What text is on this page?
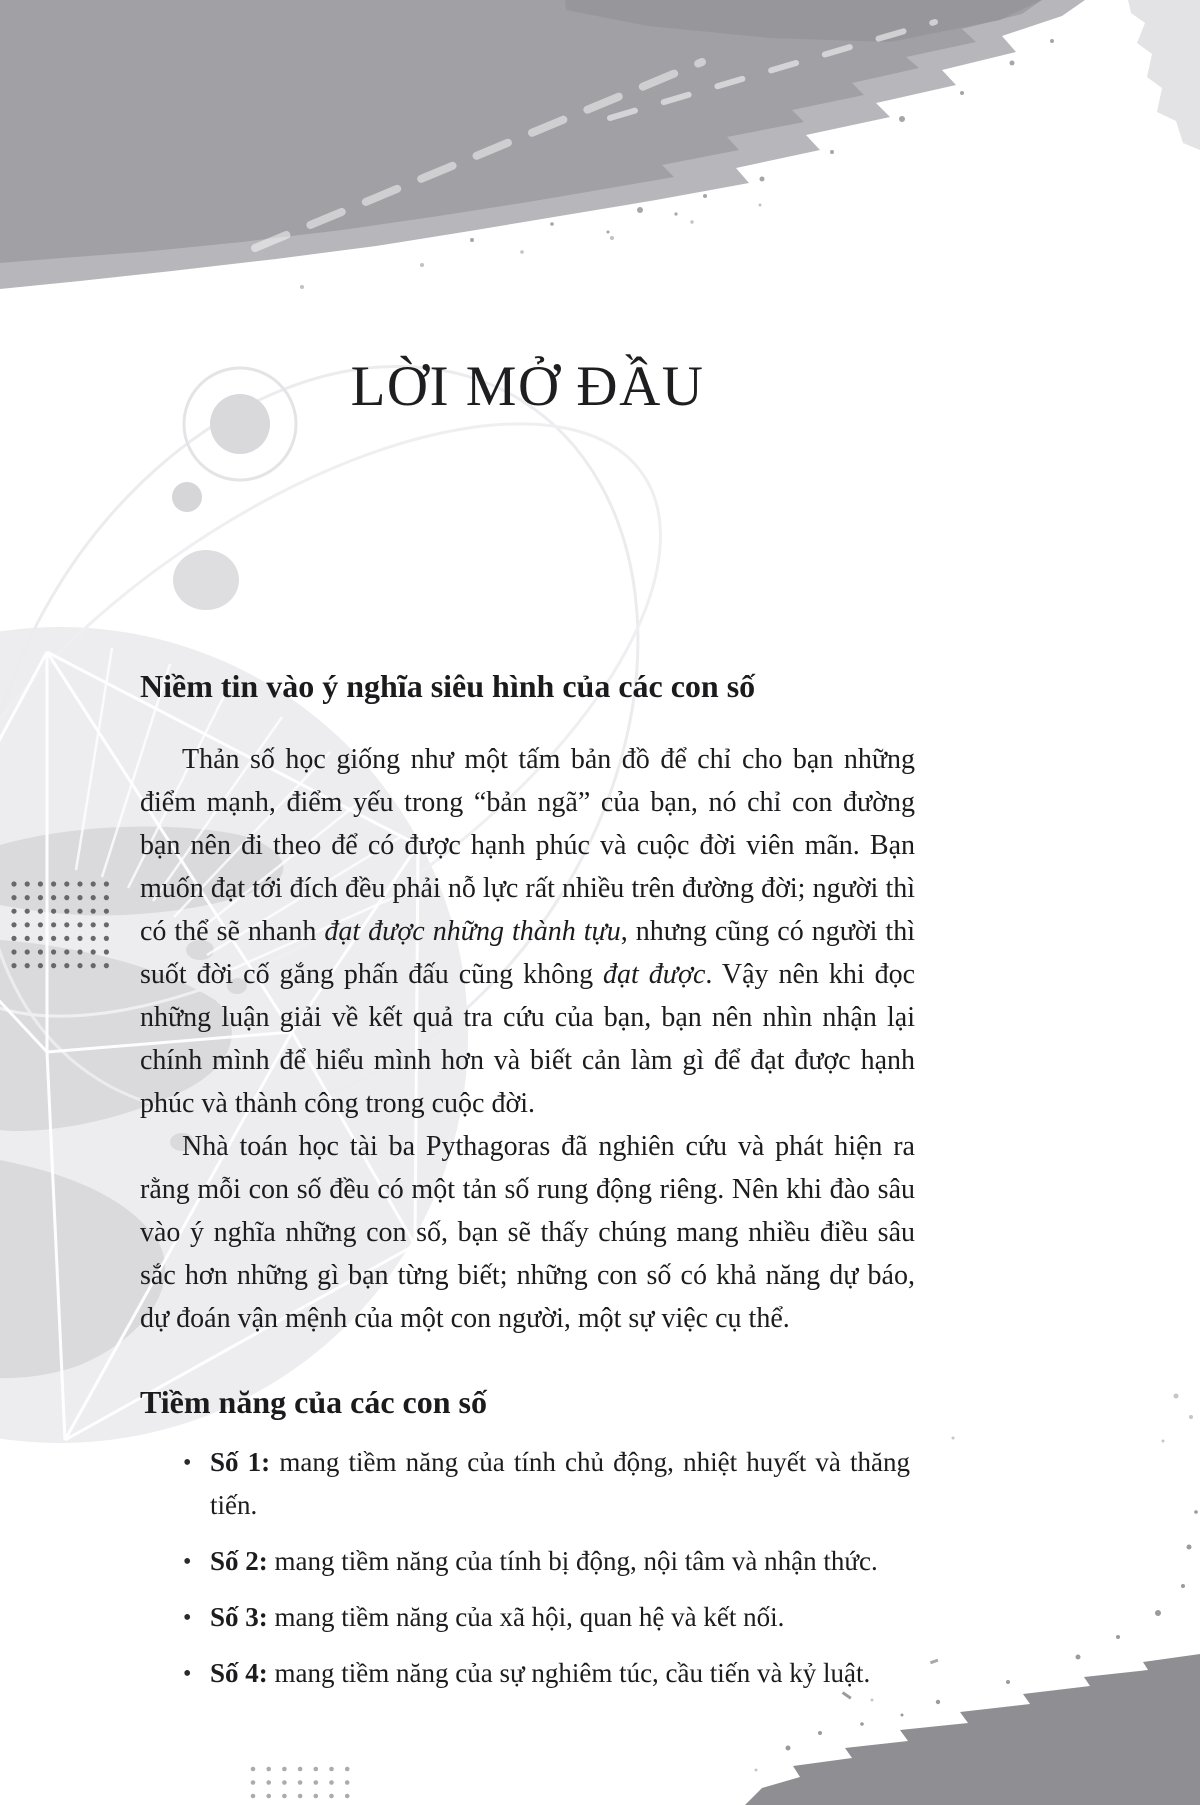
LỜI MỞ ĐẦU
Niềm tin vào ý nghĩa siêu hình của các con số

Thản số học giống như một tấm bản đồ để chỉ cho bạn những điểm mạnh, điểm yếu trong “bản ngã” của bạn, nó chỉ con đường bạn nên đi theo để có được hạnh phúc và cuộc đời viên mãn. Bạn muốn đạt tới đích đều phải nỗ lực rất nhiều trên đường đời; người thì có thể sẽ nhanh đạt được những thành tựu, nhưng cũng có người thì suốt đời cố gắng phấn đấu cũng không đạt được. Vậy nên khi đọc những luận giải về kết quả tra cứu của bạn, bạn nên nhìn nhận lại chính mình để hiểu mình hơn và biết cản làm gì để đạt được hạnh phúc và thành công trong cuộc đời.

Nhà toán học tài ba Pythagoras đã nghiên cứu và phát hiện ra rằng mỗi con số đều có một tản số rung động riêng. Nên khi đào sâu vào ý nghĩa những con số, bạn sẽ thấy chúng mang nhiều điều sâu sắc hơn những gì bạn từng biết; những con số có khả năng dự báo, dự đoán vận mệnh của một con người, một sự việc cụ thể.

Tiềm năng của các con số
• Số 1: mang tiềm năng của tính chủ động, nhiệt huyết và thăng tiến.
• Số 2: mang tiềm năng của tính bị động, nội tâm và nhận thức.
• Số 3: mang tiềm năng của xã hội, quan hệ và kết nối.
• Số 4: mang tiềm năng của sự nghiêm túc, cầu tiến và kỷ luật.
